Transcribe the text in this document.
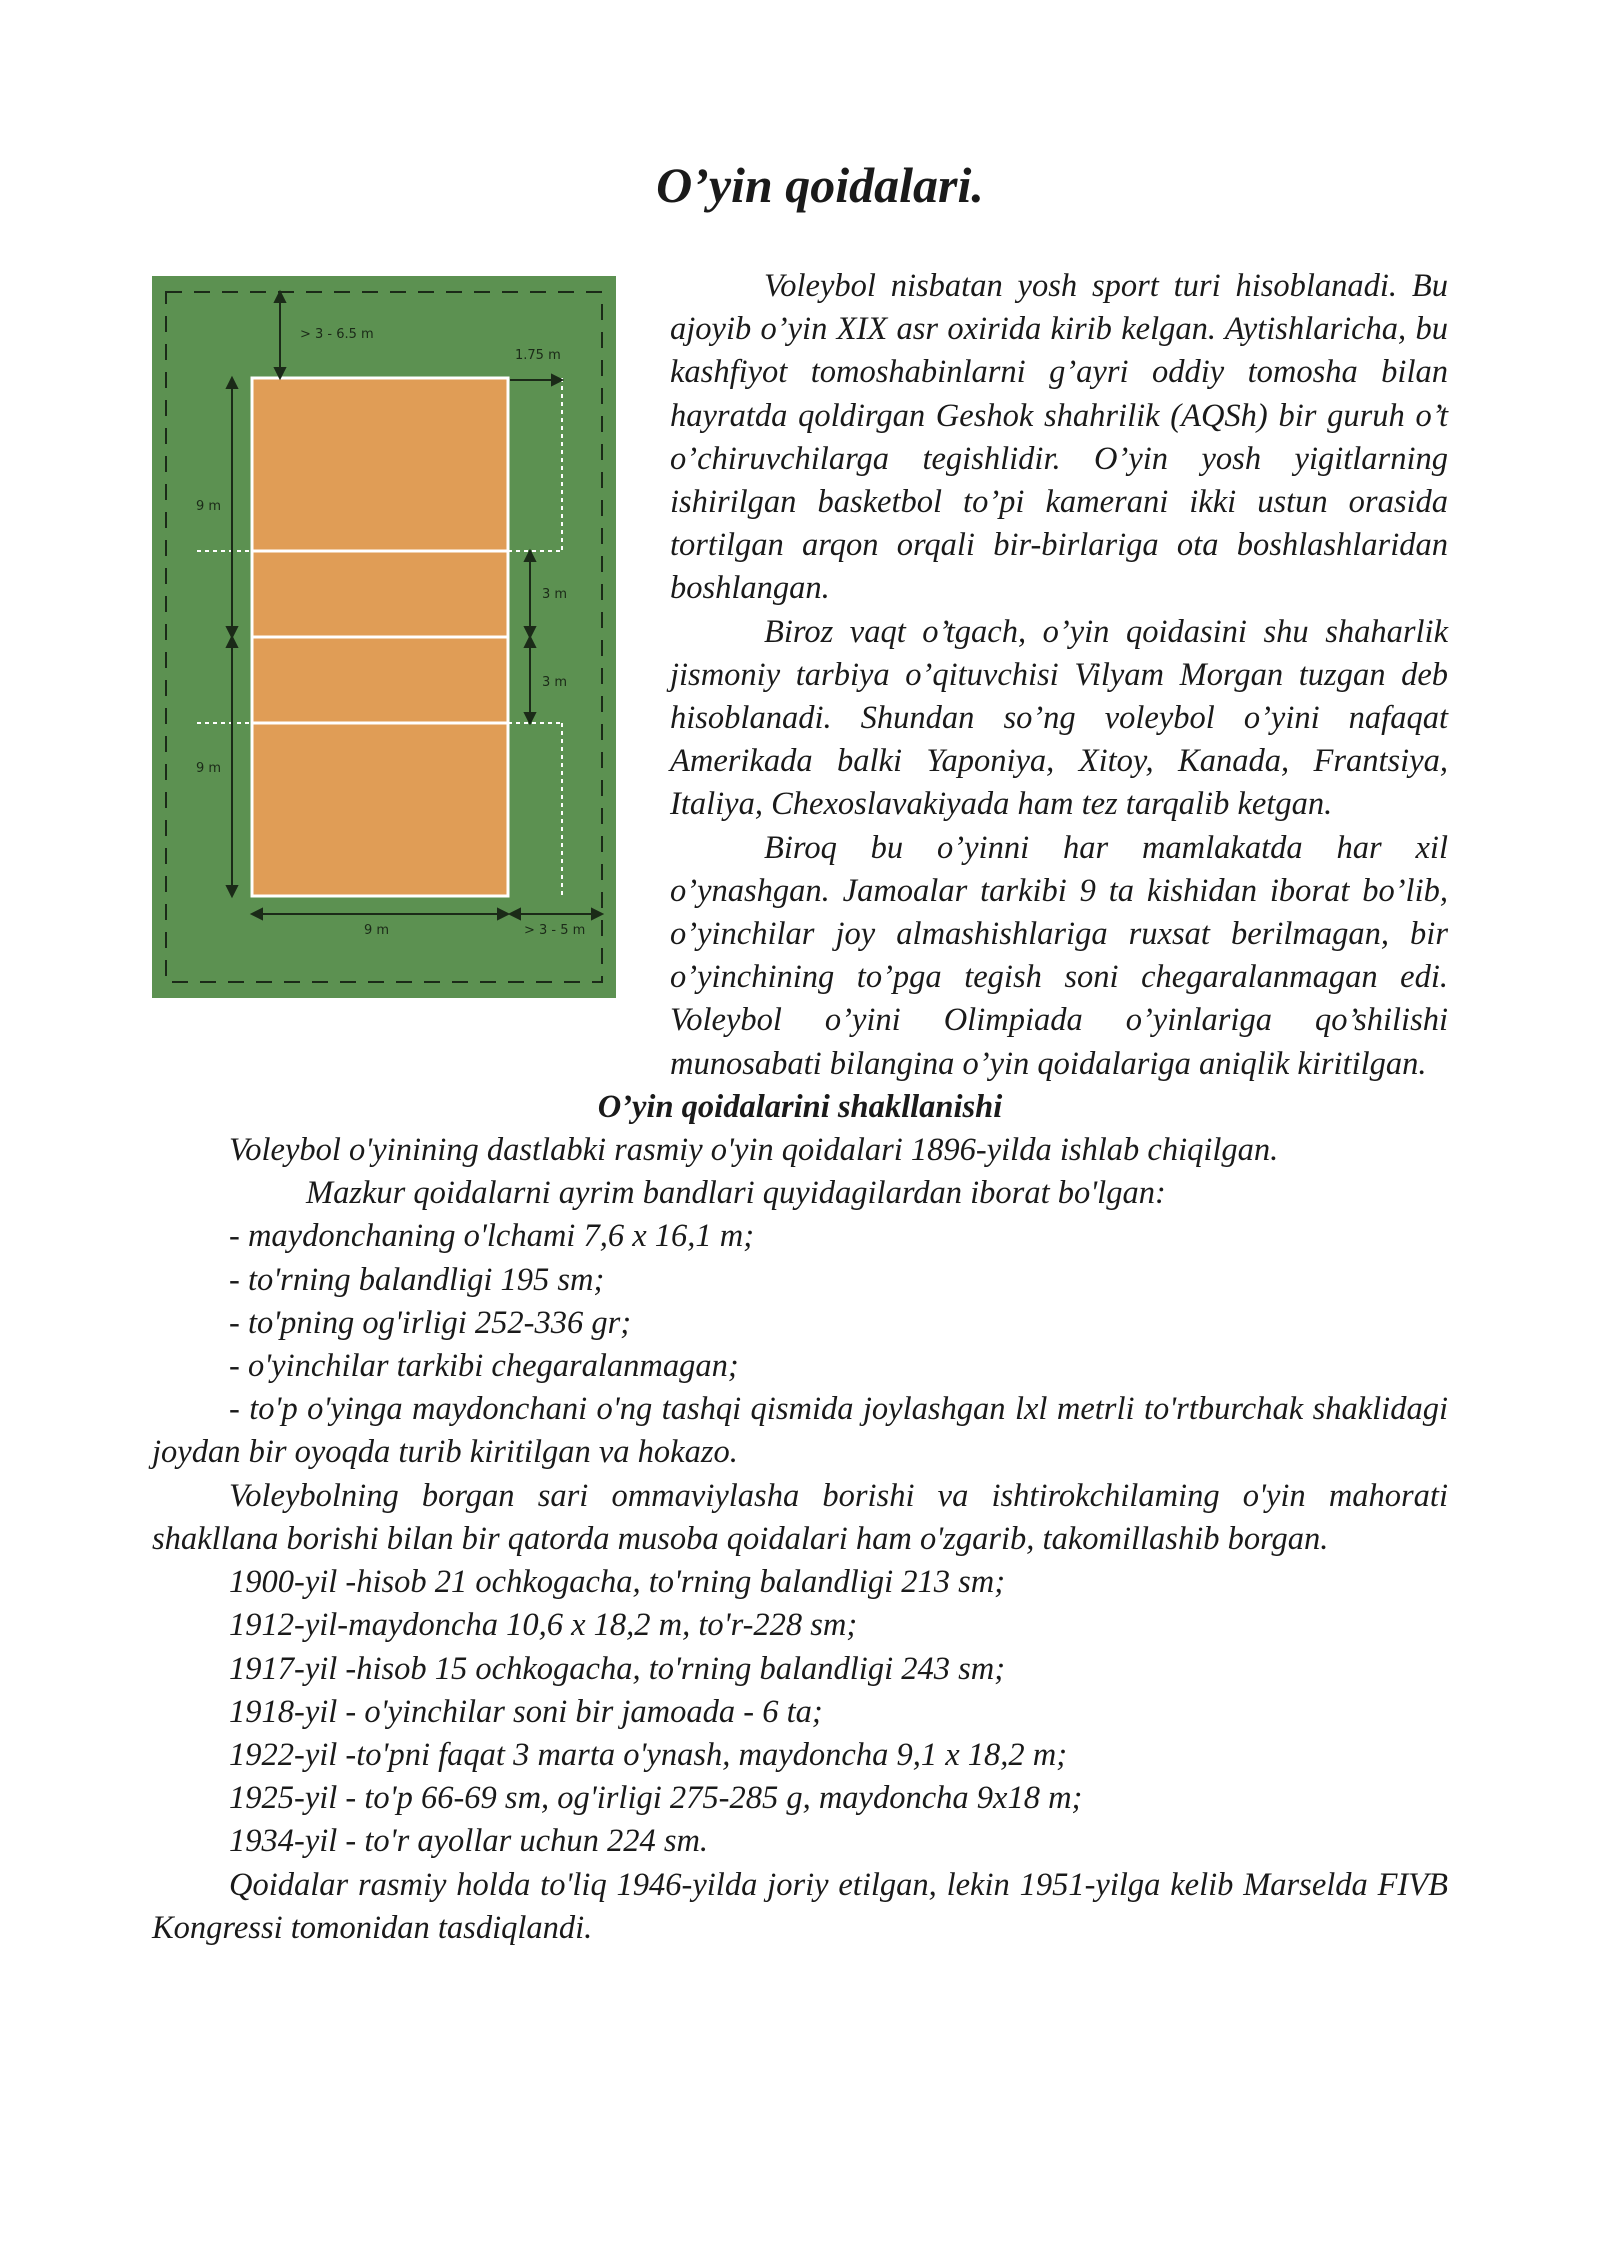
O’yin qoidalari.
> 3 - 6.5 m
1.75 m
9 m
9 m
3 m
3 m
9 m	> 3 - 5 m

Voleybol nisbatan yosh sport turi hisoblanadi. Bu ajoyib o’yin XIX asr oxirida kirib kelgan. Aytishlaricha, bu kashfiyot tomoshabinlarni g’ayri oddiy tomosha bilan hayratda qoldirgan Geshok shahrilik (AQSh) bir guruh o’t o’chiruvchilarga tegishlidir. O’yin yosh yigitlarning ishirilgan basketbol to’pi kamerani ikki ustun orasida tortilgan arqon orqali bir-birlariga ota boshlashlaridan boshlangan.

Biroz vaqt o’tgach, o’yin qoidasini shu shaharlik jismoniy tarbiya o’qituvchisi Vilyam Morgan tuzgan deb hisoblanadi. Shundan so’ng voleybol o’yini nafaqat Amerikada balki Yaponiya, Xitoy, Kanada, Frantsiya, Italiya, Chexoslavakiyada ham tez tarqalib ketgan.

Biroq bu o’yinni har mamlakatda har xil o’ynashgan. Jamoalar tarkibi 9 ta kishidan iborat bo’lib, o’yinchilar joy almashishlariga ruxsat berilmagan, bir o’yinchining to’pga tegish soni chegaralanmagan edi. Voleybol o’yini Olimpiada o’yinlariga qo’shilishi munosabati bilangina o’yin qoidalariga aniqlik kiritilgan.

O’yin qoidalarini shakllanishi

Voleybol o'yinining dastlabki rasmiy o'yin qoidalari 1896-yilda ishlab chiqilgan.

Mazkur qoidalarni ayrim bandlari quyidagilardan iborat bo'lgan:

- maydonchaning o'lchami 7,6 x 16,1 m;

- to'rning balandligi 195 sm;

- to'pning og'irligi 252-336 gr;

- o'yinchilar tarkibi chegaralanmagan;

- to'p o'yinga maydonchani o'ng tashqi qismida joylashgan lxl metrli to'rtburchak shaklidagi joydan bir oyoqda turib kiritilgan va hokazo.

Voleybolning borgan sari ommaviylasha borishi va ishtirokchilaming o'yin mahorati shakllana borishi bilan bir qatorda musoba qoidalari ham o'zgarib, takomillashib borgan.

1900-yil -hisob 21 ochkogacha, to'rning balandligi 213 sm;

1912-yil-maydoncha 10,6 x 18,2 m, to'r-228 sm;

1917-yil -hisob 15 ochkogacha, to'rning balandligi 243 sm;

1918-yil - o'yinchilar soni bir jamoada - 6 ta;

1922-yil -to'pni faqat 3 marta o'ynash, maydoncha 9,1 x 18,2 m;

1925-yil - to'p 66-69 sm, og'irligi 275-285 g, maydoncha 9x18 m;

1934-yil - to'r ayollar uchun 224 sm.

Qoidalar rasmiy holda to'liq 1946-yilda joriy etilgan, lekin 1951-yilga kelib Marselda FIVB Kongressi tomonidan tasdiqlandi.
